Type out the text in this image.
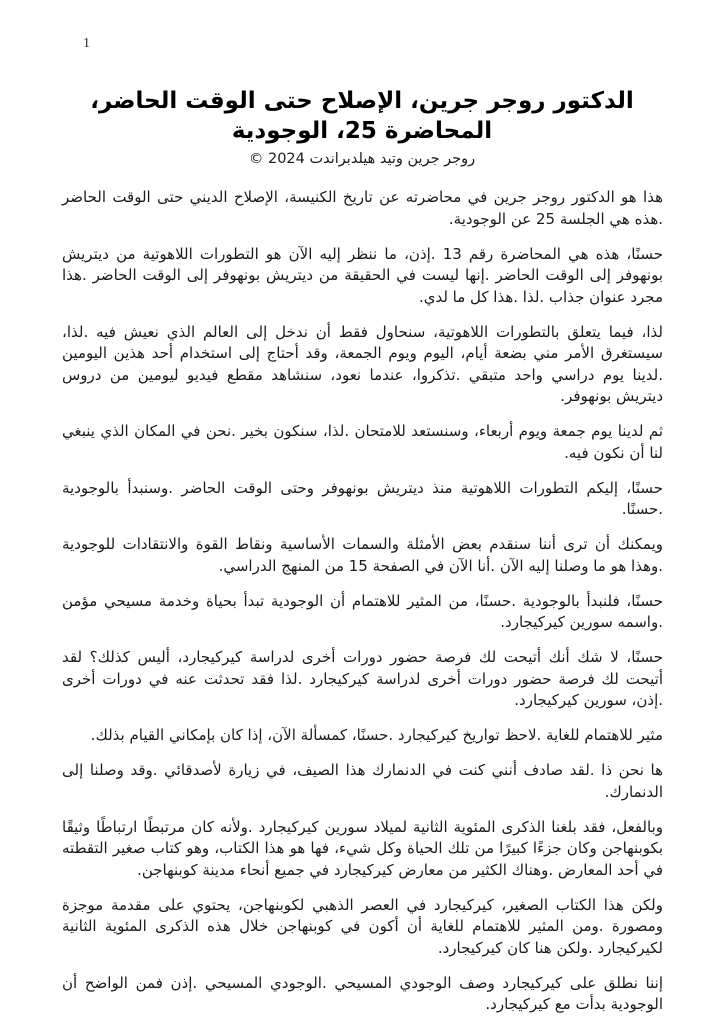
1
الدكتور روجر جرين، الإصلاح حتى الوقت الحاضر،
المحاضرة 25، الوجودية
روجر جرين وتيد هيلدبراندت 2024 ©

هذا هو الدكتور روجر جرين في محاضرته عن تاريخ الكنيسة، الإصلاح الديني حتى الوقت الحاضر .هذه هي الجلسة 25 عن الوجودية.

حسنًا، هذه هي المحاضرة رقم 13 .إذن، ما ننظر إليه الآن هو التطورات اللاهوتية من ديتريش بونهوفر إلى الوقت الحاضر .إنها ليست في الحقيقة من ديتريش بونهوفر إلى الوقت الحاضر .هذا مجرد عنوان جذاب .لذا .هذا كل ما لدي.

لذا، فيما يتعلق بالتطورات اللاهوتية، سنحاول فقط أن ندخل إلى العالم الذي نعيش فيه .لذا، سيستغرق الأمر مني بضعة أيام، اليوم ويوم الجمعة، وقد أحتاج إلى استخدام أحد هذين اليومين .لدينا يوم دراسي واحد متبقي .تذكروا، عندما نعود، سنشاهد مقطع فيديو ليومين من دروس ديتريش بونهوفر.

ثم لدينا يوم جمعة ويوم أربعاء، وسنستعد للامتحان .لذا، سنكون بخير .نحن في المكان الذي ينبغي لنا أن نكون فيه.

حسنًا، إليكم التطورات اللاهوتية منذ ديتريش بونهوفر وحتى الوقت الحاضر .وسنبدأ بالوجودية .حسنًا.

ويمكنك أن ترى أننا سنقدم بعض الأمثلة والسمات الأساسية ونقاط القوة والانتقادات للوجودية .وهذا هو ما وصلنا إليه الآن .أنا الآن في الصفحة 15 من المنهج الدراسي.

حسنًا، فلنبدأ بالوجودية .حسنًا، من المثير للاهتمام أن الوجودية تبدأ بحياة وخدمة مسيحي مؤمن .واسمه سورين كيركيجارد.

حسنًا، لا شك أنك أتيحت لك فرصة حضور دورات أخرى لدراسة كيركيجارد، أليس كذلك؟ لقد أتيحت لك فرصة حضور دورات أخرى لدراسة كيركيجارد .لذا فقد تحدثت عنه في دورات أخرى .إذن، سورين كيركيجارد.

مثير للاهتمام للغاية .لاحظ تواريخ كيركيجارد .حسنًا، كمسألة الآن، إذا كان بإمكاني القيام بذلك.

ها نحن ذا .لقد صادف أنني كنت في الدنمارك هذا الصيف، في زيارة لأصدقائي .وقد وصلنا إلى الدنمارك.

وبالفعل، فقد بلغنا الذكرى المئوية الثانية لميلاد سورين كيركيجارد .ولأنه كان مرتبطًا ارتباطًا وثيقًا بكوبنهاجن وكان جزءًا كبيرًا من تلك الحياة وكل شيء، فها هو هذا الكتاب، وهو كتاب صغير التقطته في أحد المعارض .وهناك الكثير من معارض كيركيجارد في جميع أنحاء مدينة كوبنهاجن.

ولكن هذا الكتاب الصغير، كيركيجارد في العصر الذهبي لكوبنهاجن، يحتوي على مقدمة موجزة ومصورة .ومن المثير للاهتمام للغاية أن أكون في كوبنهاجن خلال هذه الذكرى المئوية الثانية لكيركيجارد .ولكن هنا كان كيركيجارد.

إننا نطلق على كيركيجارد وصف الوجودي المسيحي .الوجودي المسيحي .إذن فمن الواضح أن الوجودية بدأت مع كيركيجارد.
